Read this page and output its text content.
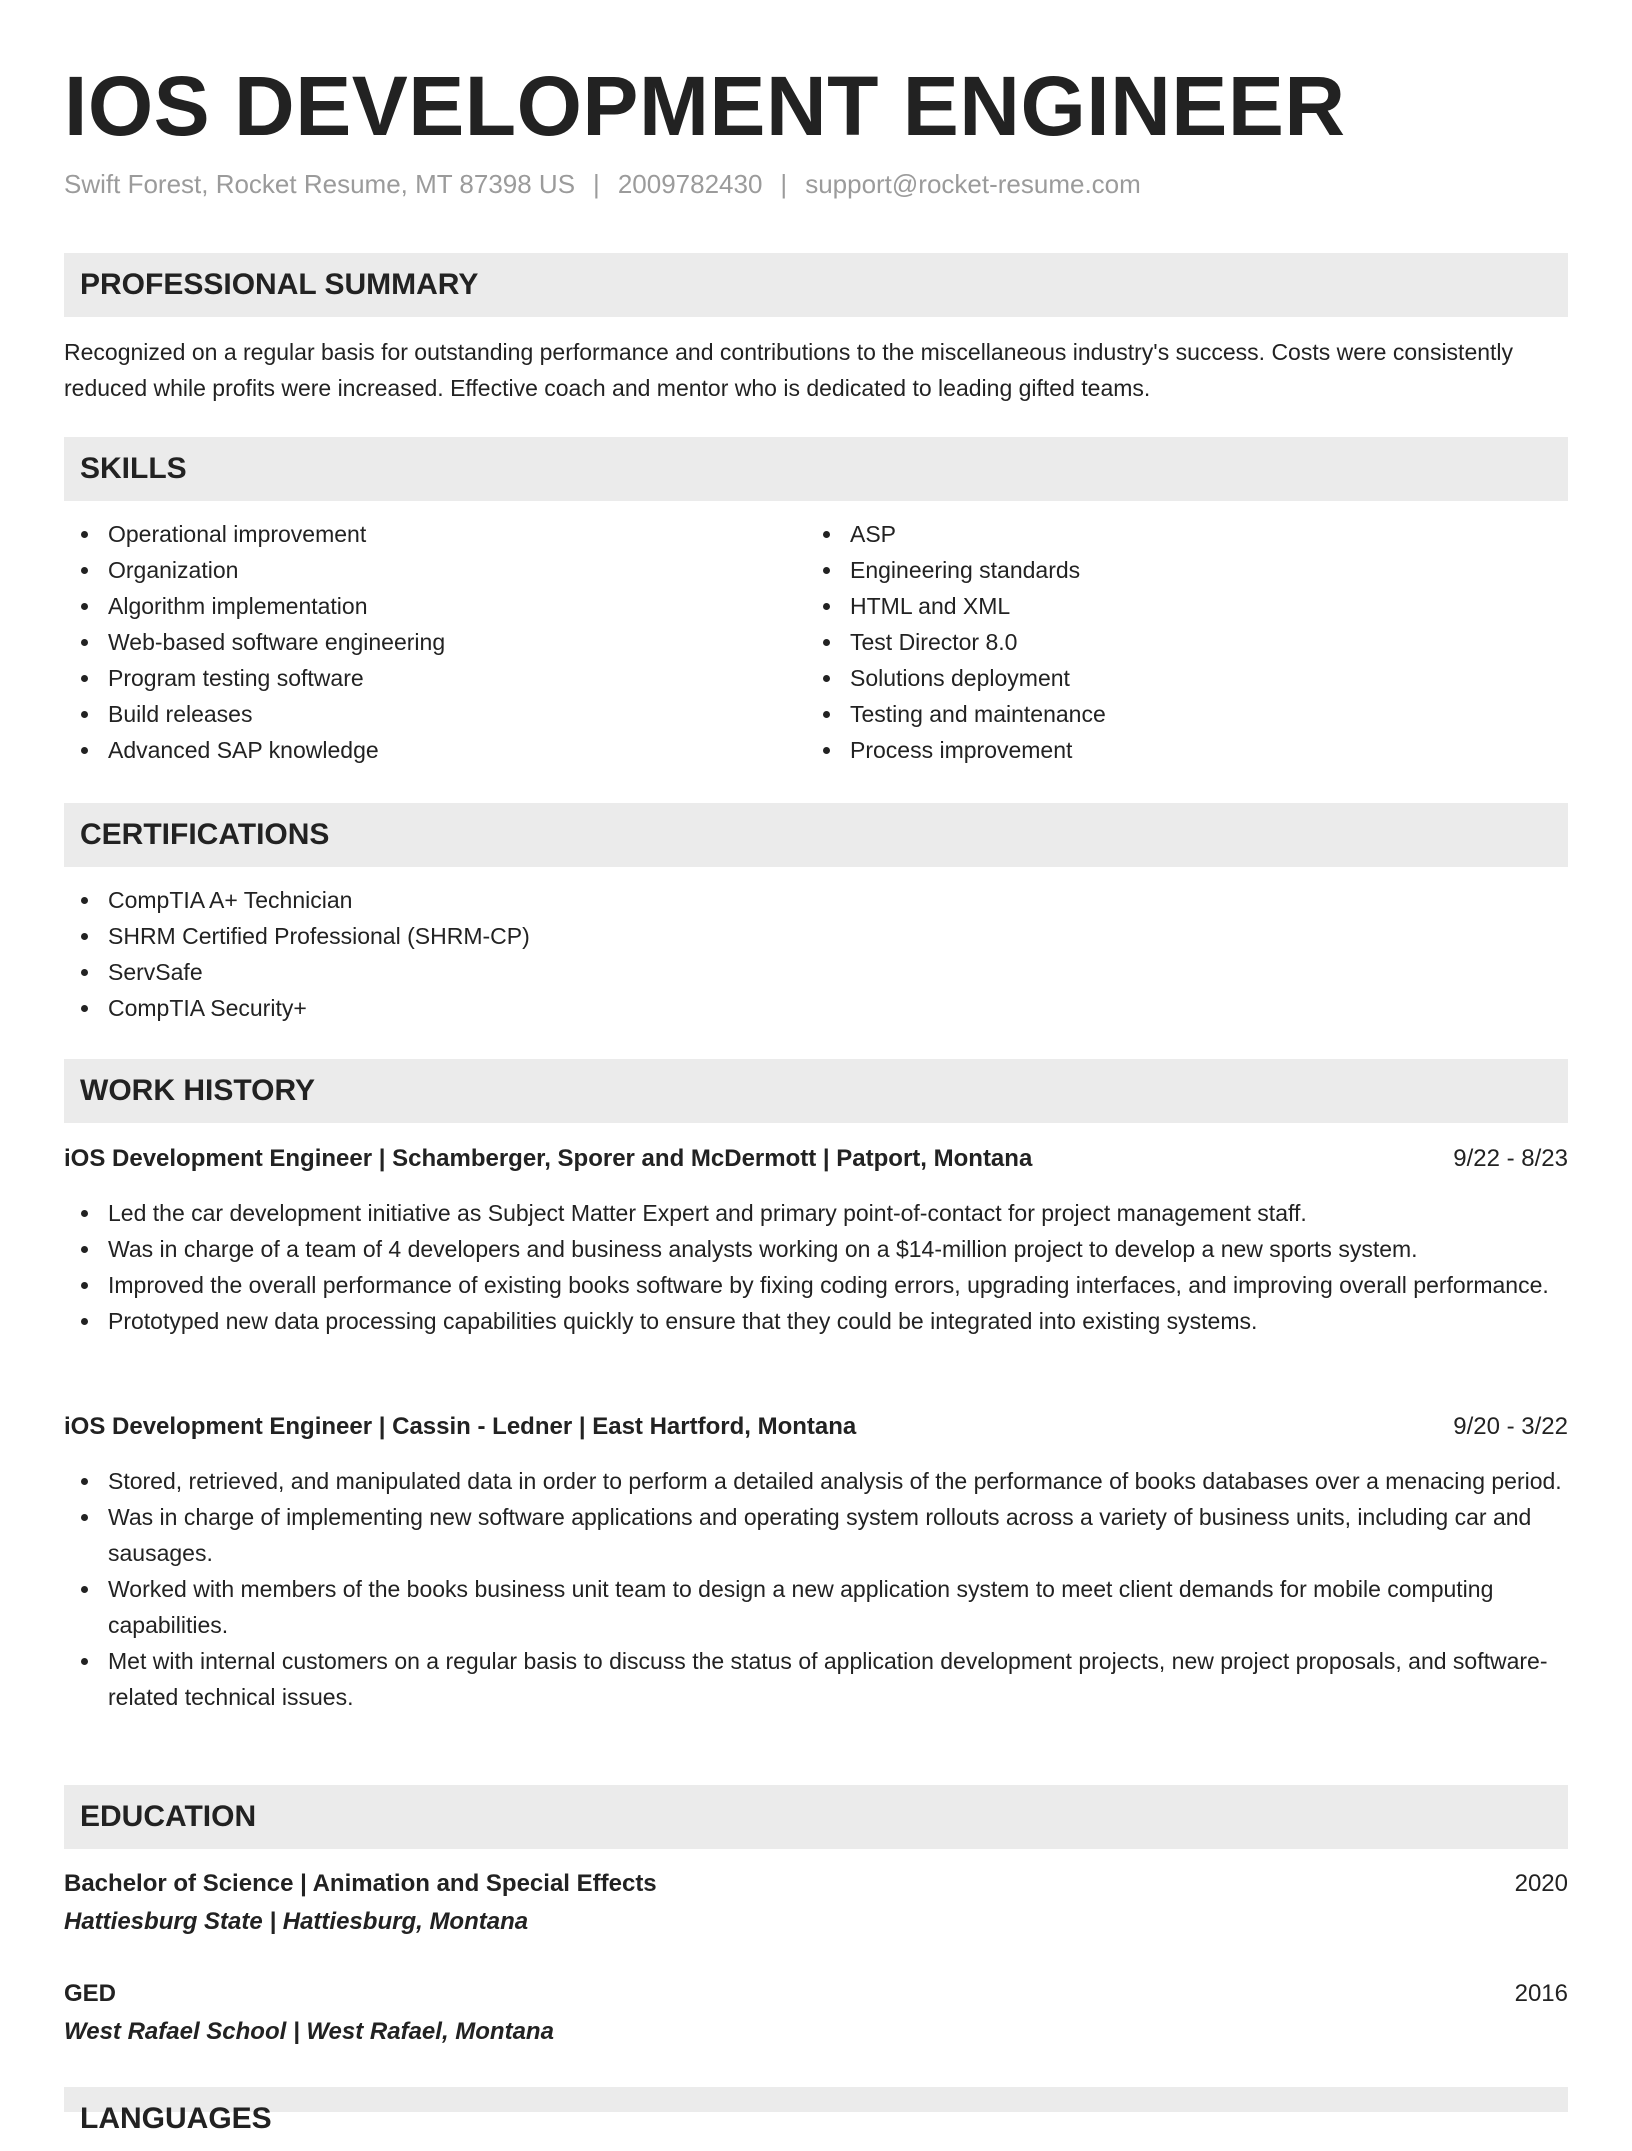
IOS DEVELOPMENT ENGINEER
Swift Forest, Rocket Resume, MT 87398 US | 2009782430 | support@rocket-resume.com
PROFESSIONAL SUMMARY

Recognized on a regular basis for outstanding performance and contributions to the miscellaneous industry's success. Costs were consistently reduced while profits were increased. Effective coach and mentor who is dedicated to leading gifted teams.

SKILLS
Operational improvement
Organization
Algorithm implementation
Web-based software engineering
Program testing software
Build releases
Advanced SAP knowledge
ASP
Engineering standards
HTML and XML
Test Director 8.0
Solutions deployment
Testing and maintenance
Process improvement
CERTIFICATIONS
CompTIA A+ Technician
SHRM Certified Professional (SHRM-CP)
ServSafe
CompTIA Security+
WORK HISTORY
iOS Development Engineer | Schamberger, Sporer and McDermott | Patport, Montana	9/22 - 8/23
Led the car development initiative as Subject Matter Expert and primary point-of-contact for project management staff.
Was in charge of a team of 4 developers and business analysts working on a $14-million project to develop a new sports system.
Improved the overall performance of existing books software by fixing coding errors, upgrading interfaces, and improving overall performance.
Prototyped new data processing capabilities quickly to ensure that they could be integrated into existing systems.
iOS Development Engineer | Cassin - Ledner | East Hartford, Montana	9/20 - 3/22
Stored, retrieved, and manipulated data in order to perform a detailed analysis of the performance of books databases over a menacing period.
Was in charge of implementing new software applications and operating system rollouts across a variety of business units, including car and sausages.
Worked with members of the books business unit team to design a new application system to meet client demands for mobile computing capabilities.
Met with internal customers on a regular basis to discuss the status of application development projects, new project proposals, and software-related technical issues.
EDUCATION
Bachelor of Science | Animation and Special Effects	2020
Hattiesburg State | Hattiesburg, Montana
GED	2016
West Rafael School | West Rafael, Montana
LANGUAGES
